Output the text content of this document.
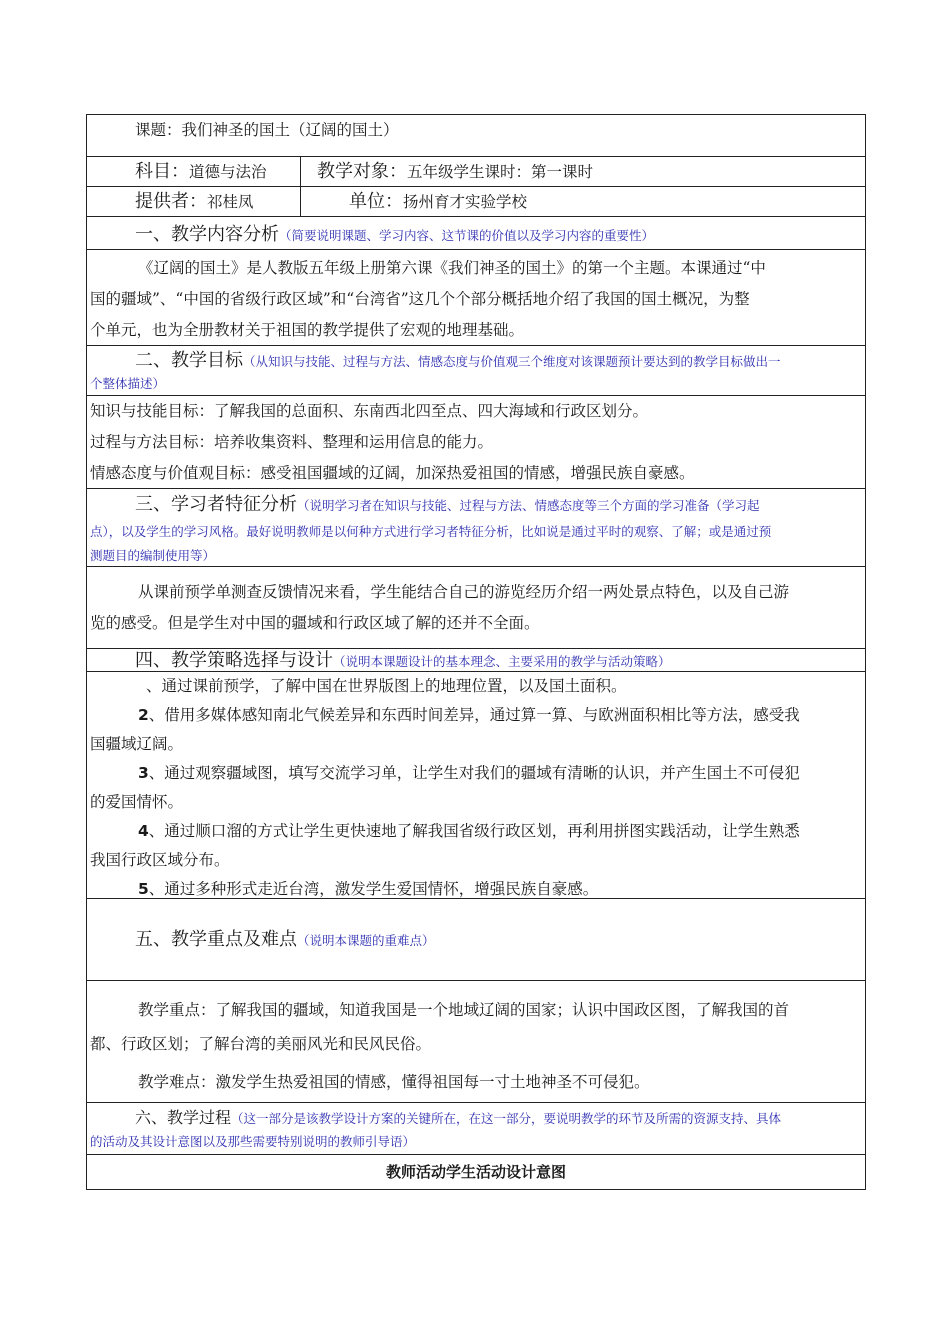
课题：我们神圣的国土（辽阔的国土）

科目：道德与法治	教学对象：五年级学生课时：第一课时

提供者：祁桂凤	单位：扬州育才实验学校

一、教学内容分析（简要说明课题、学习内容、这节课的价值以及学习内容的重要性）

《辽阔的国土》是人教版五年级上册第六课《我们神圣的国土》的第一个主题。本课通过“中

国的疆域”、“中国的省级行政区域”和“台湾省”这几个个部分概括地介绍了我国的国土概况，为整

个单元，也为全册教材关于祖国的教学提供了宏观的地理基础。

二、教学目标（从知识与技能、过程与方法、情感态度与价值观三个维度对该课题预计要达到的教学目标做出一

个整体描述）

知识与技能目标：了解我国的总面积、东南西北四至点、四大海域和行政区划分。

过程与方法目标：培养收集资料、整理和运用信息的能力。

情感态度与价值观目标：感受祖国疆域的辽阔，加深热爱祖国的情感，增强民族自豪感。

三、学习者特征分析（说明学习者在知识与技能、过程与方法、情感态度等三个方面的学习准备（学习起

点），以及学生的学习风格。最好说明教师是以何种方式进行学习者特征分析，比如说是通过平时的观察、了解；或是通过预

测题目的编制使用等）

从课前预学单测查反馈情况来看，学生能结合自己的游览经历介绍一两处景点特色，以及自己游

览的感受。但是学生对中国的疆域和行政区域了解的还并不全面。

四、教学策略选择与设计（说明本课题设计的基本理念、主要采用的教学与活动策略）

、通过课前预学，了解中国在世界版图上的地理位置，以及国土面积。

2、借用多媒体感知南北气候差异和东西时间差异，通过算一算、与欧洲面积相比等方法，感受我

国疆域辽阔。

3、通过观察疆域图，填写交流学习单，让学生对我们的疆域有清晰的认识，并产生国土不可侵犯

的爱国情怀。

4、通过顺口溜的方式让学生更快速地了解我国省级行政区划，再利用拼图实践活动，让学生熟悉

我国行政区域分布。

5、通过多种形式走近台湾，激发学生爱国情怀，增强民族自豪感。

五、教学重点及难点（说明本课题的重难点）

教学重点：了解我国的疆域，知道我国是一个地域辽阔的国家；认识中国政区图，了解我国的首

都、行政区划；了解台湾的美丽风光和民风民俗。

教学难点：激发学生热爱祖国的情感，懂得祖国每一寸土地神圣不可侵犯。

六、教学过程（这一部分是该教学设计方案的关键所在，在这一部分，要说明教学的环节及所需的资源支持、具体

的活动及其设计意图以及那些需要特别说明的教师引导语）

教师活动学生活动设计意图
